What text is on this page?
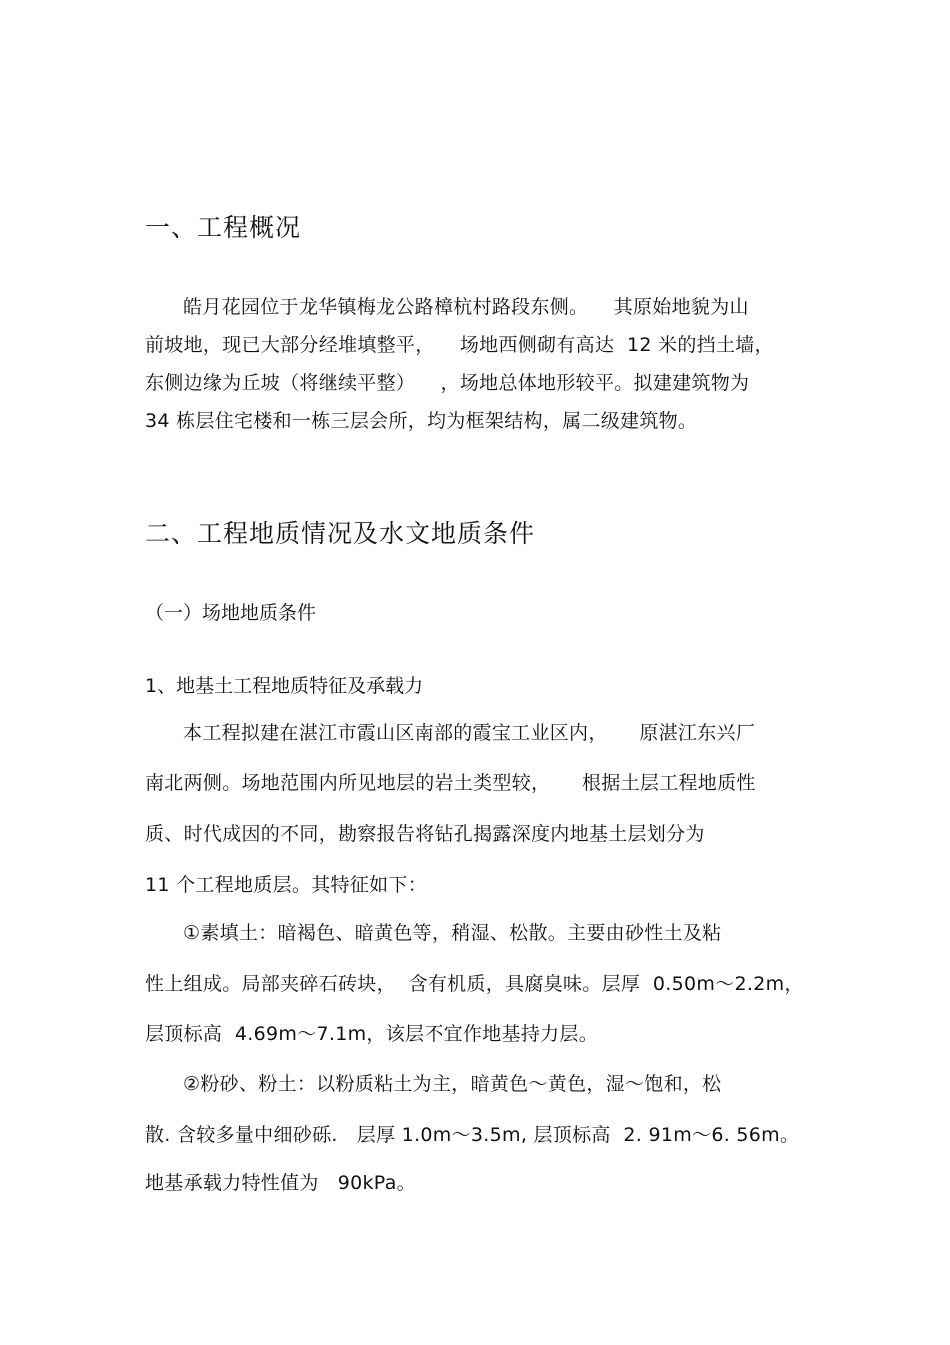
一、工程概况
皓月花园位于龙华镇梅龙公路樟杭村路段东侧。    其原始地貌为山
前坡地，现已大部分经堆填整平，    场地西侧砌有高达  12 米的挡土墙，
东侧边缘为丘坡（将继续平整）    ，场地总体地形较平。拟建建筑物为
34 栋层住宅楼和一栋三层会所，均为框架结构，属二级建筑物。
二、工程地质情况及水文地质条件
（一）场地地质条件
1、地基土工程地质特征及承载力
本工程拟建在湛江市霞山区南部的霞宝工业区内，     原湛江东兴厂
南北两侧。场地范围内所见地层的岩土类型较，     根据土层工程地质性
质、时代成因的不同，勘察报告将钻孔揭露深度内地基土层划分为
11 个工程地质层。其特征如下：
①素填土：暗褐色、暗黄色等，稍湿、松散。主要由砂性土及粘
性上组成。局部夹碎石砖块，  含有机质，具腐臭味。层厚  0.50m～2.2m，
层顶标高  4.69m～7.1m，该层不宜作地基持力层。
②粉砂、粉土：以粉质粘土为主，暗黄色～黄色，湿～饱和，松
散. 含较多量中细砂砾.   层厚 1.0m～3.5m, 层顶标高  2. 91m～6. 56m。
地基承载力特性值为   90kPa。
